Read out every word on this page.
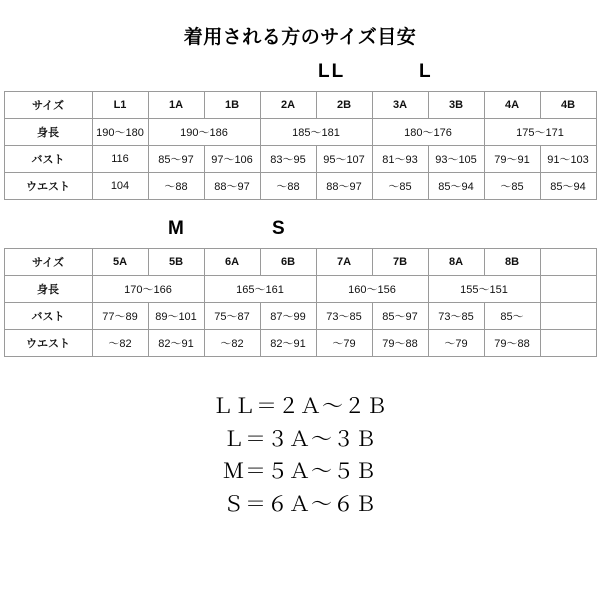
着用される方のサイズ目安
LL	L
サイズ	L1	1A	1B	2A	2B	3A	3B	4A	4B
身長	190〜180	190〜186		185〜181		180〜176		175〜171	
バスト	116	85〜97	97〜106	83〜95	95〜107	81〜93	93〜105	79〜91	91〜103
ウエスト	104	〜88	88〜97	〜88	88〜97	〜85	85〜94	〜85	85〜94
M	S
サイズ	5A	5B	6A	6B	7A	7B	8A	8B	
身長	170〜166		165〜161		160〜156		155〜151		
バスト	77〜89	89〜101	75〜87	87〜99	73〜85	85〜97	73〜85	85〜	
ウエスト	〜82	82〜91	〜82	82〜91	〜79	79〜88	〜79	79〜88	
ＬＬ＝２Ａ〜２Ｂ
Ｌ＝３Ａ〜３Ｂ
Ｍ＝５Ａ〜５Ｂ
Ｓ＝６Ａ〜６Ｂ
